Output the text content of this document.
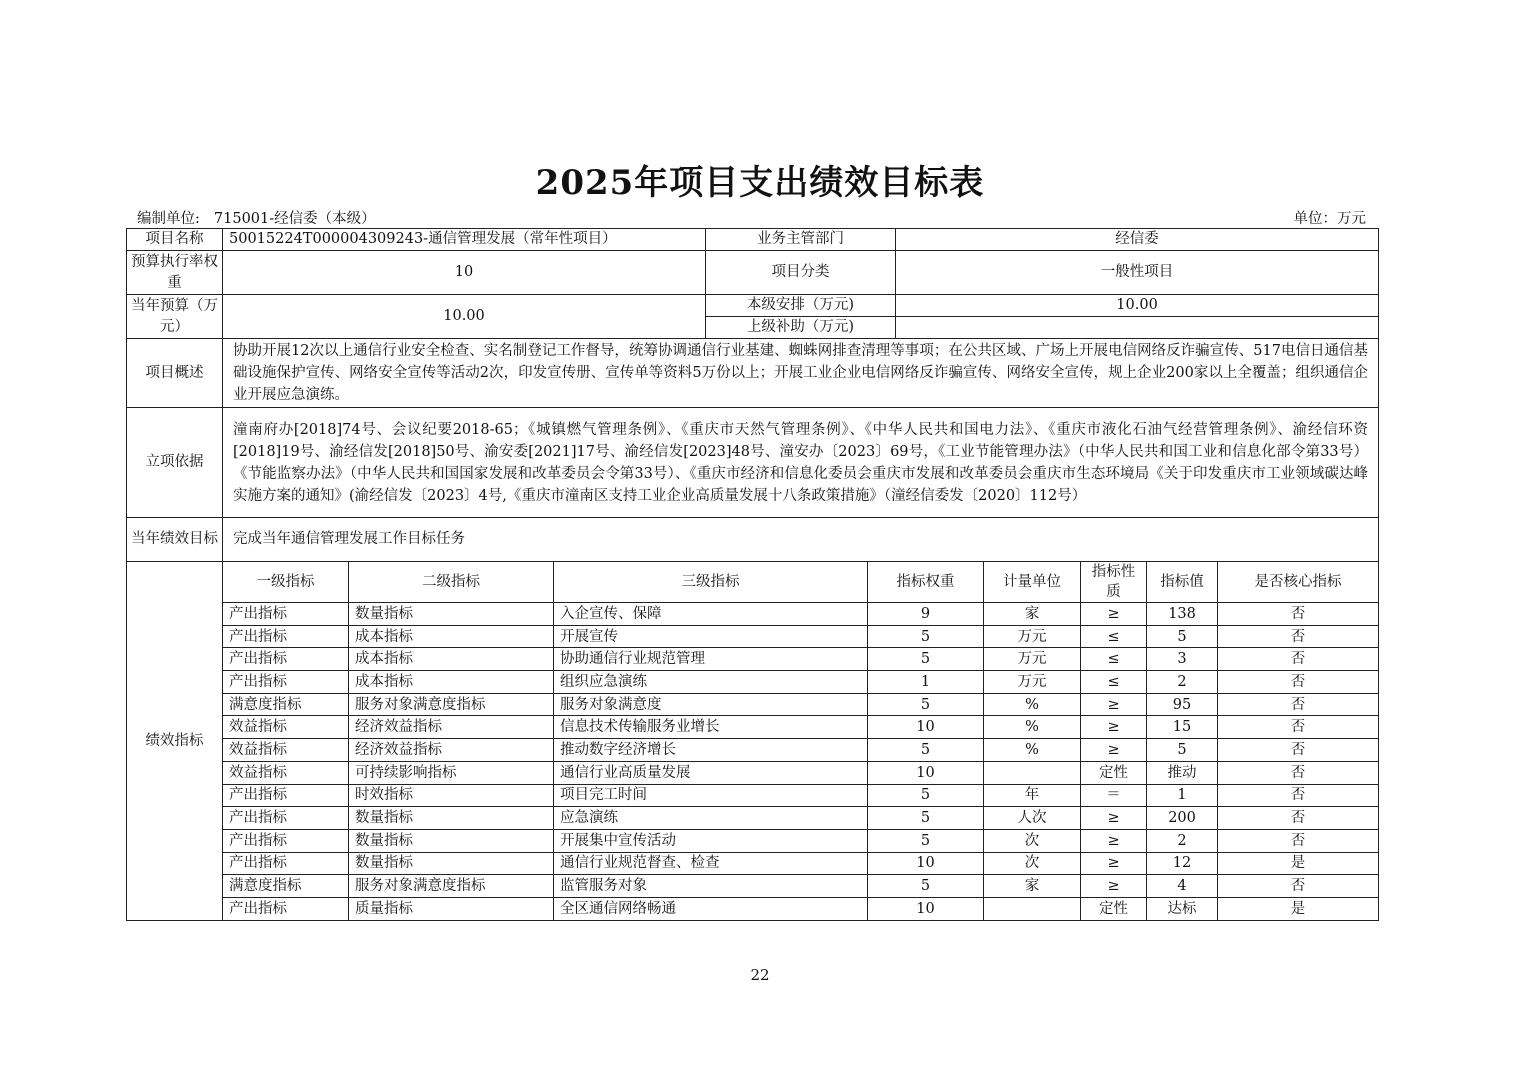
2025年项目支出绩效目标表
编制单位: 715001-经信委（本级）	单位：万元
项目名称	50015224T000004309243-通信管理发展（常年性项目）			业务主管部门		经信委				
预算执行率权重	10			项目分类		一般性项目				
当年预算（万元）	10.00			本级安排（万元)		10.00				
				上级补助（万元)						
项目概述	协助开展12次以上通信行业安全检查、实名制登记工作督导，统筹协调通信行业基建、蜘蛛网排查清理等事项；在公共区域、广场上开展电信网络反诈骗宣传、517电信日通信基础设施保护宣传、网络安全宣传等活动2次，印发宣传册、宣传单等资料5万份以上；开展工业企业电信网络反诈骗宣传、网络安全宣传，规上企业200家以上全覆盖；组织通信企业开展应急演练。									
立项依据	潼南府办[2018]74号、会议纪要2018-65；《城镇燃气管理条例》、《重庆市天然气管理条例》、《中华人民共和国电力法》、《重庆市液化石油气经营管理条例》、渝经信环资[2018]19号、渝经信发[2018]50号、渝安委[2021]17号、渝经信发[2023]48号、潼安办〔2023〕69号，《工业节能管理办法》（中华人民共和国工业和信息化部令第33号）《节能监察办法》（中华人民共和国国家发展和改革委员会令第33号）、《重庆市经济和信息化委员会重庆市发展和改革委员会重庆市生态环境局《关于印发重庆市工业领域碳达峰实施方案的通知》(渝经信发〔2023〕4号,《重庆市潼南区支持工业企业高质量发展十八条政策措施》（潼经信委发〔2020〕112号）									
当年绩效目标	完成当年通信管理发展工作目标任务									
绩效指标	一级指标	二级指标	三级指标		指标权重		计量单位	指标性质	指标值	是否核心指标
	产出指标	数量指标	入企宣传、保障		9		家	≥	138	否
	产出指标	成本指标	开展宣传		5		万元	≤	5	否
	产出指标	成本指标	协助通信行业规范管理		5		万元	≤	3	否
	产出指标	成本指标	组织应急演练		1		万元	≤	2	否
	满意度指标	服务对象满意度指标	服务对象满意度		5		%	≥	95	否
	效益指标	经济效益指标	信息技术传输服务业增长		10		%	≥	15	否
	效益指标	经济效益指标	推动数字经济增长		5		%	≥	5	否
	效益指标	可持续影响指标	通信行业高质量发展		10			定性	推动	否
	产出指标	时效指标	项目完工时间		5		年	＝	1	否
	产出指标	数量指标	应急演练		5		人次	≥	200	否
	产出指标	数量指标	开展集中宣传活动		5		次	≥	2	否
	产出指标	数量指标	通信行业规范督查、检查		10		次	≥	12	是
	满意度指标	服务对象满意度指标	监管服务对象		5		家	≥	4	否
	产出指标	质量指标	全区通信网络畅通		10			定性	达标	是
22
